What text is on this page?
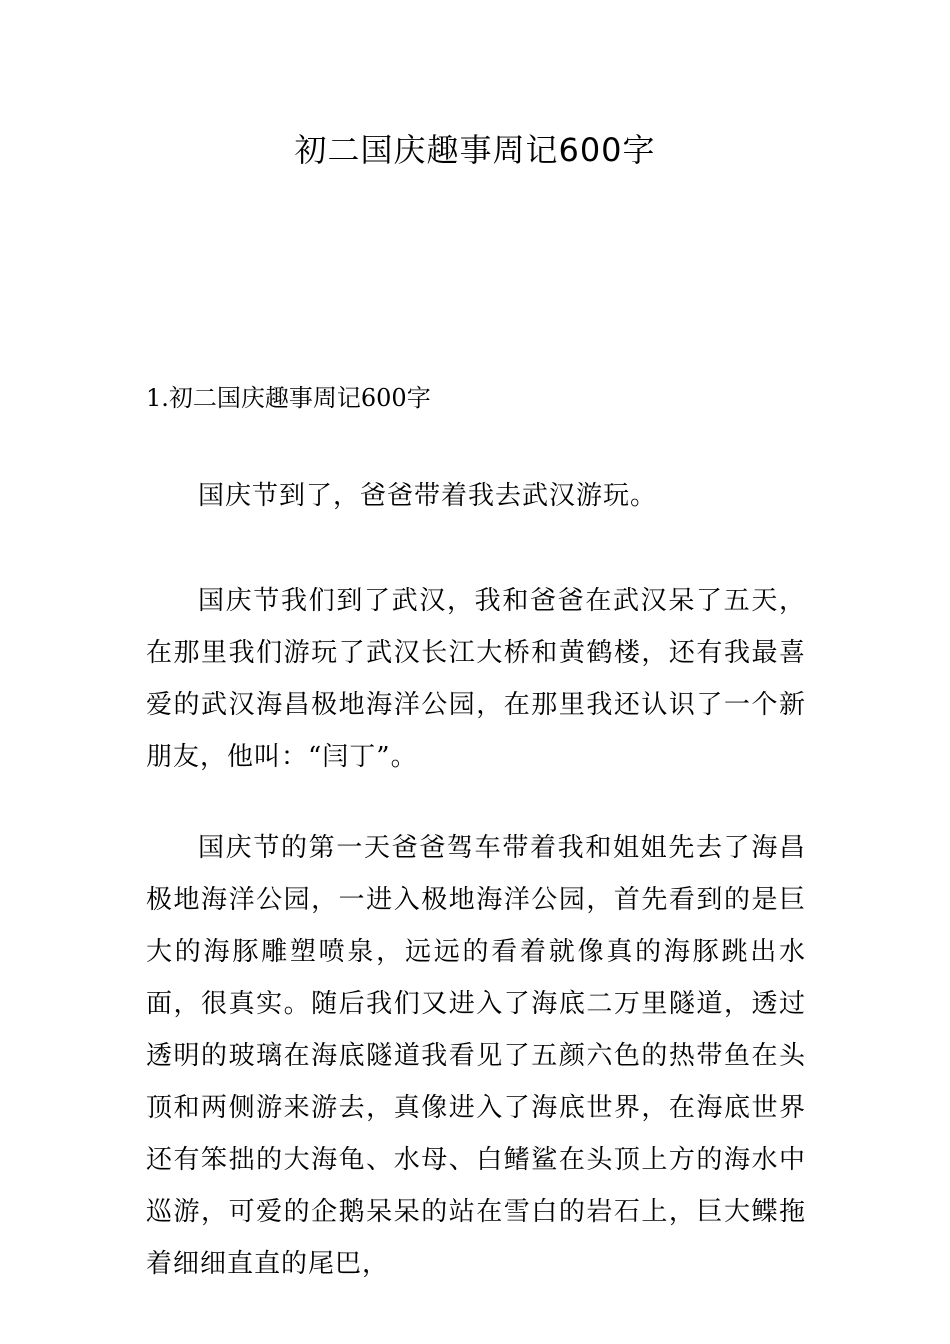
初二国庆趣事周记600字
1.初二国庆趣事周记600字

国庆节到了，爸爸带着我去武汉游玩。

国庆节我们到了武汉，我和爸爸在武汉呆了五天，在那里我们游玩了武汉长江大桥和黄鹤楼，还有我最喜爱的武汉海昌极地海洋公园，在那里我还认识了一个新朋友，他叫：“闫丁”。

国庆节的第一天爸爸驾车带着我和姐姐先去了海昌极地海洋公园，一进入极地海洋公园，首先看到的是巨大的海豚雕塑喷泉，远远的看着就像真的海豚跳出水面，很真实。随后我们又进入了海底二万里隧道，透过透明的玻璃在海底隧道我看见了五颜六色的热带鱼在头顶和两侧游来游去，真像进入了海底世界，在海底世界还有笨拙的大海龟、水母、白鳍鲨在头顶上方的海水中巡游，可爱的企鹅呆呆的站在雪白的岩石上，巨大鲽拖着细细直直的尾巴，
